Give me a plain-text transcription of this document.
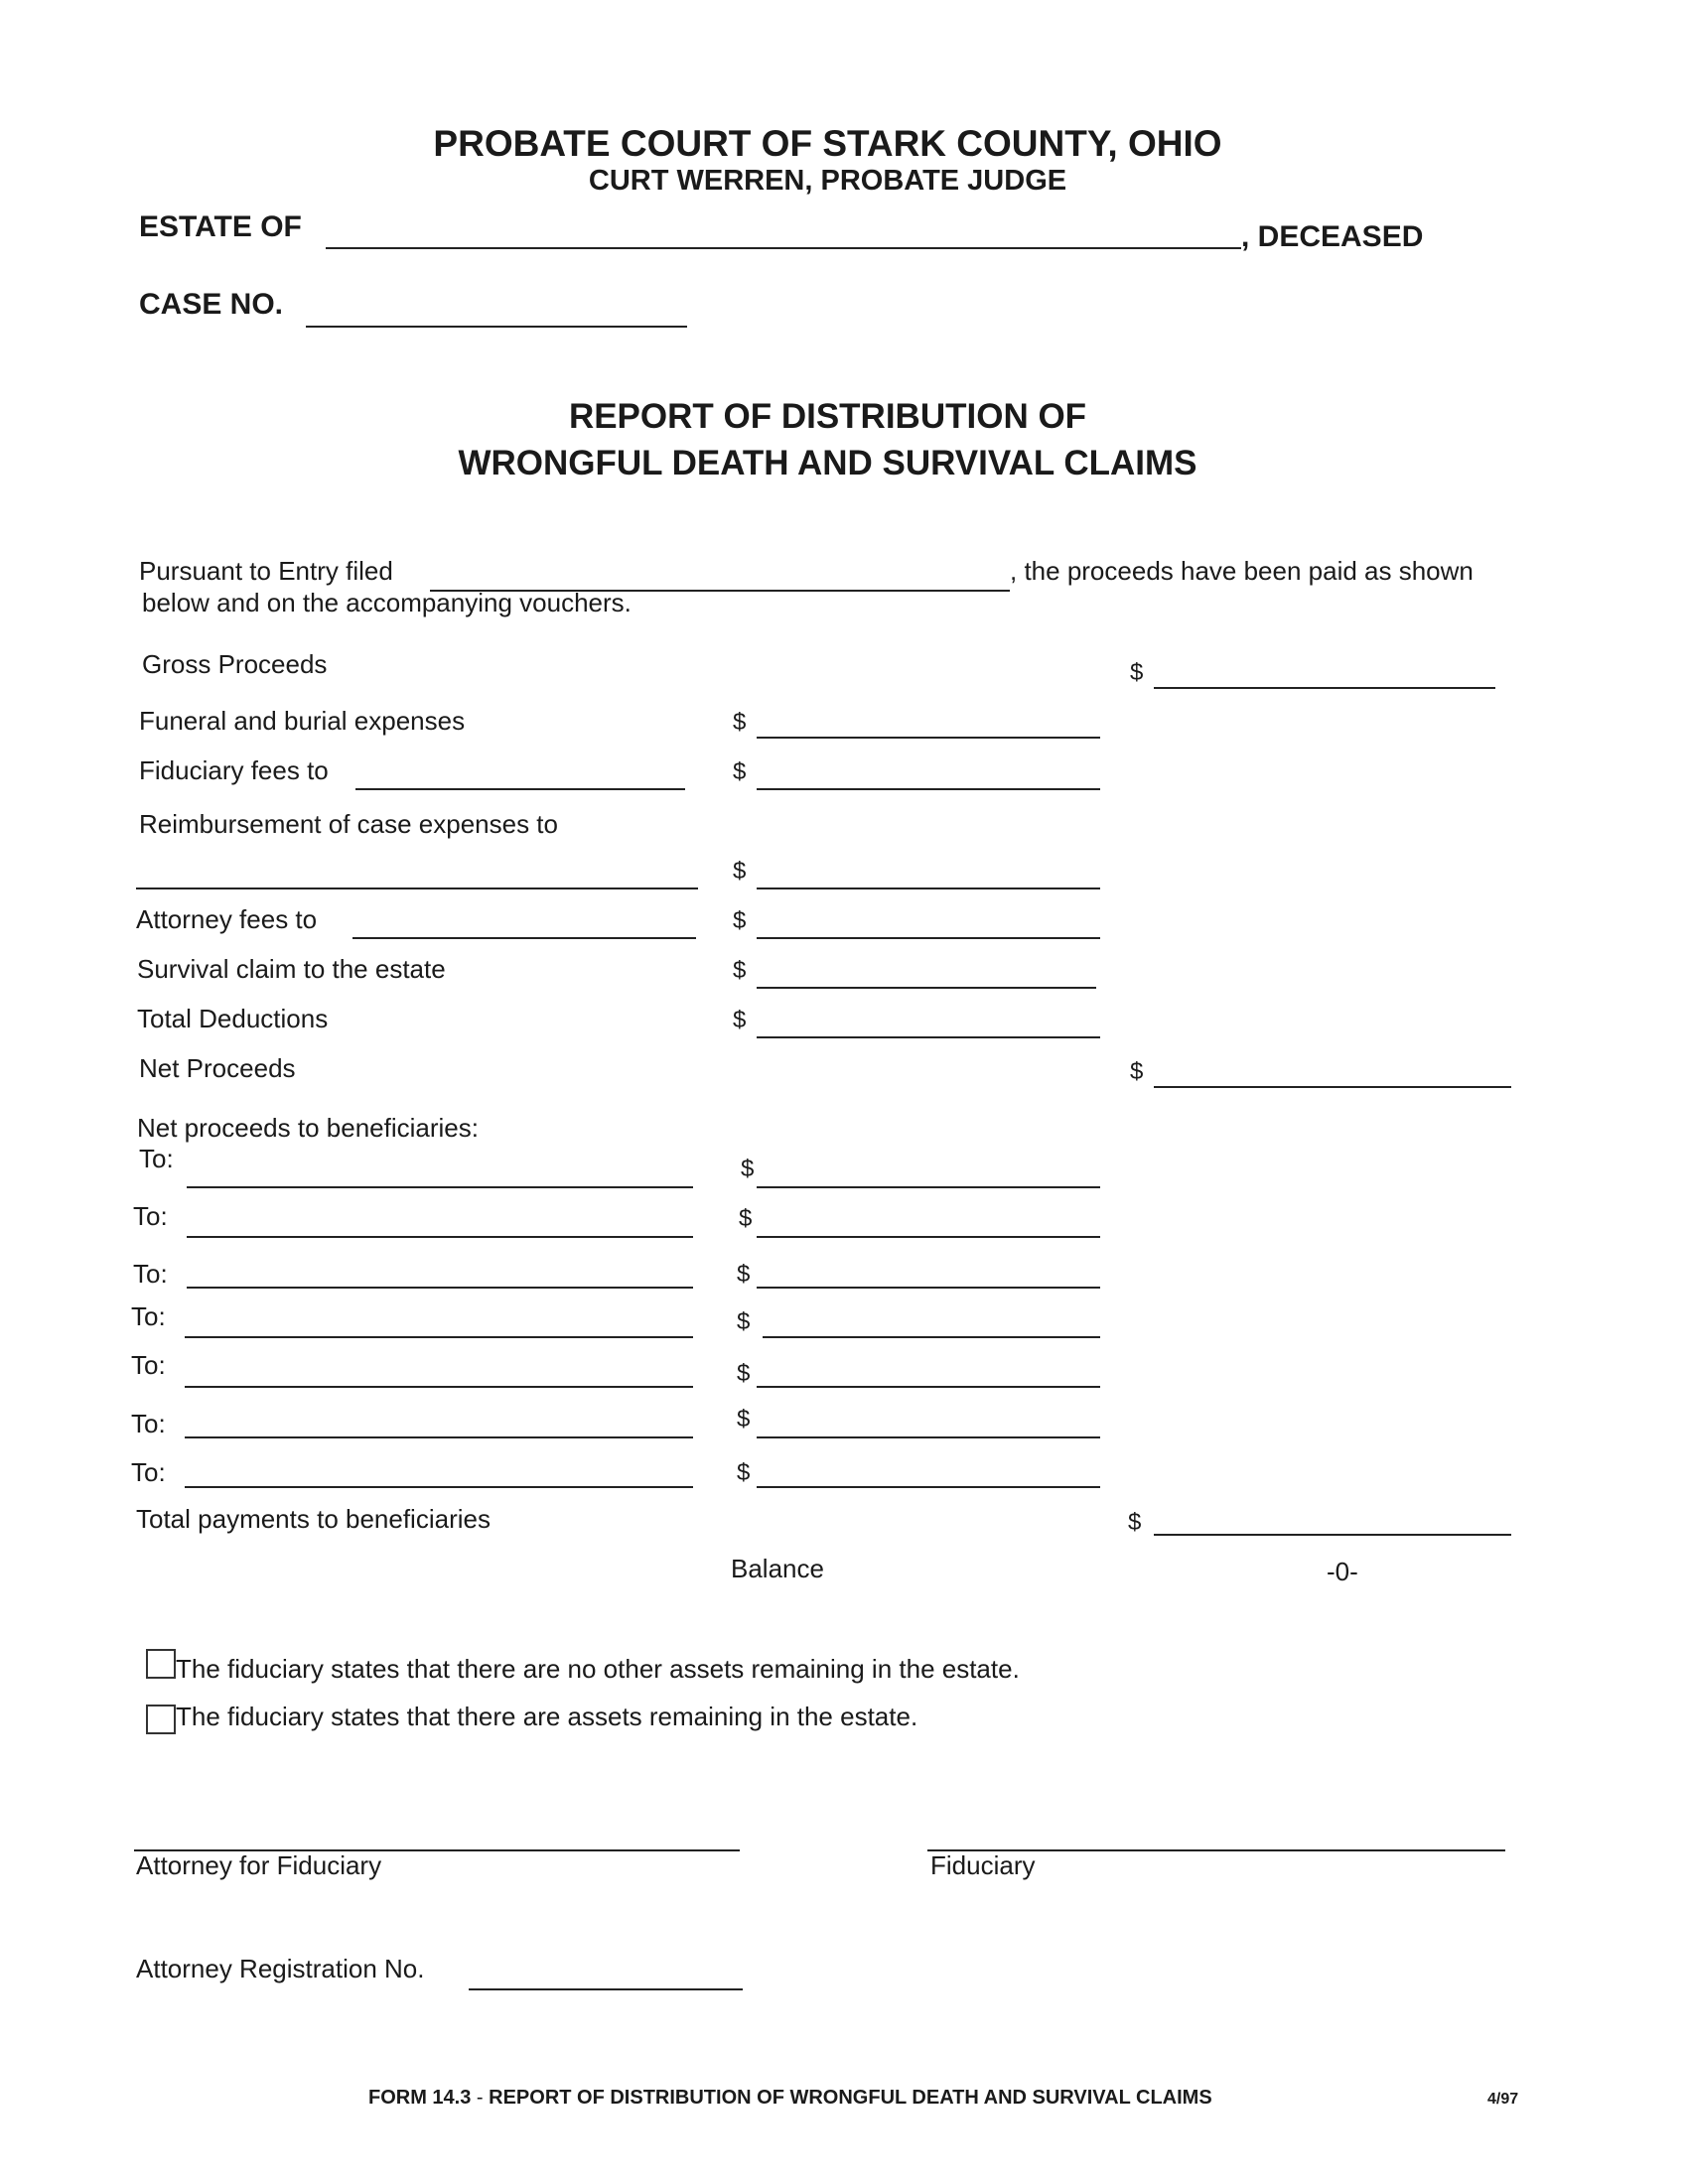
PROBATE COURT OF STARK COUNTY, OHIO
CURT WERREN, PROBATE JUDGE
ESTATE OF	, DECEASED
CASE NO.
REPORT OF DISTRIBUTION OF
WRONGFUL DEATH AND SURVIVAL CLAIMS
Pursuant to Entry filed	, the proceeds have been paid as shown
below and on the accompanying vouchers.
Gross Proceeds	$
Funeral and burial expenses	$
Fiduciary fees to	$
Reimbursement of case expenses to
$
Attorney fees to	$
Survival claim to the estate	$
Total Deductions	$
Net Proceeds	$
Net proceeds to beneficiaries:
To:	$
To:	$
To:	$
To:	$
To:	$
To:	$
To:	$
Total payments to beneficiaries	$
Balance	-0-
The fiduciary states that there are no other assets remaining in the estate.
The fiduciary states that there are assets remaining in the estate.
Attorney for Fiduciary	Fiduciary
Attorney Registration No.
FORM 14.3 - REPORT OF DISTRIBUTION OF WRONGFUL DEATH AND SURVIVAL CLAIMS	4/97
